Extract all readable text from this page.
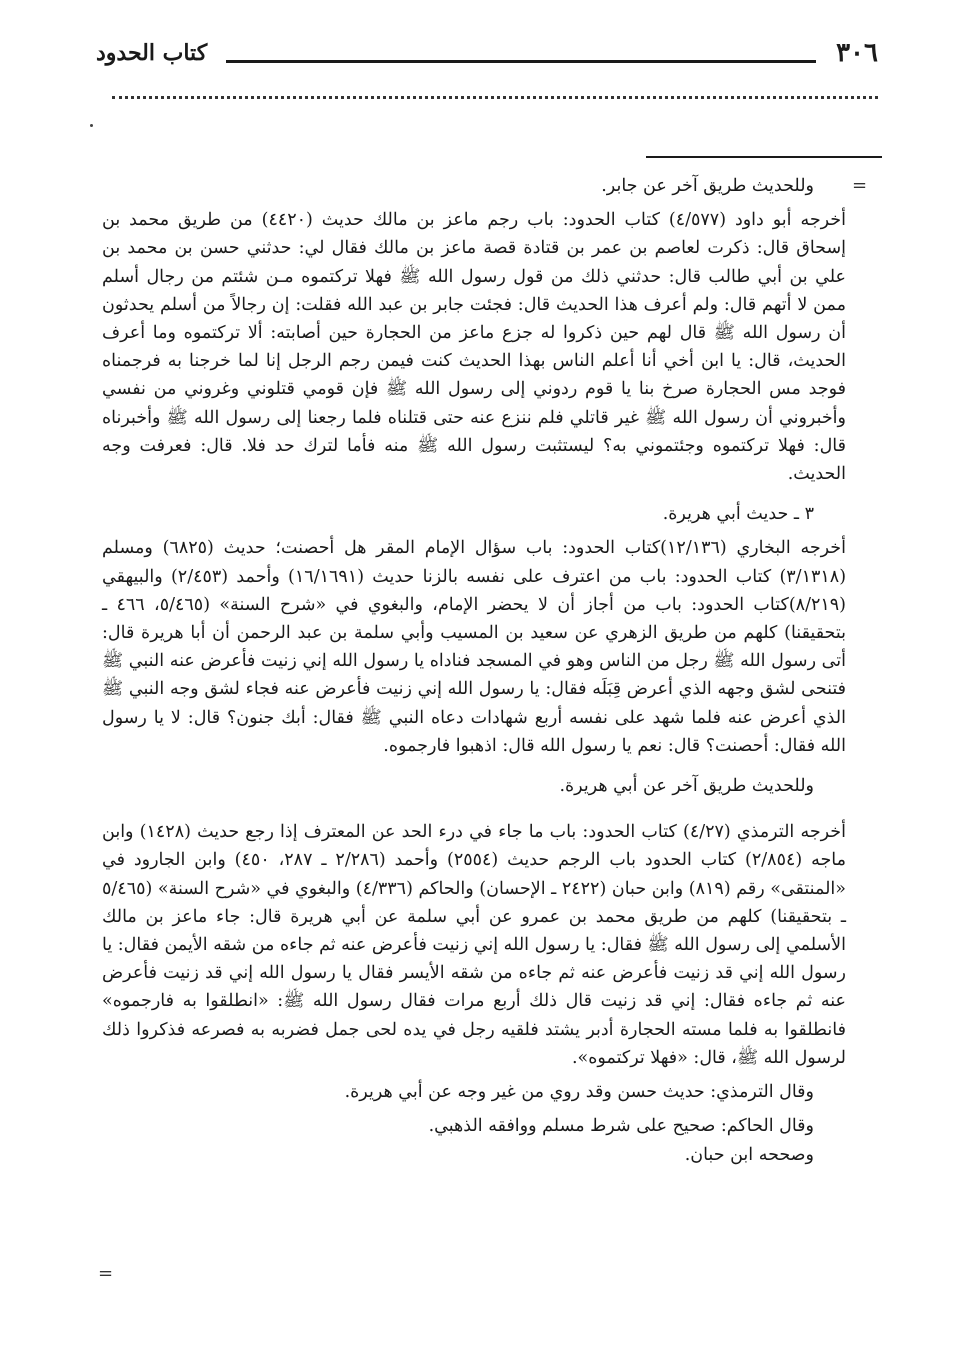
٣٠٦
كتاب الحدود
=
=

وللحديث طريق آخر عن جابر.

أخرجه أبو داود (٤/٥٧٧) كتاب الحدود: باب رجم ماعز بن مالك حديث (٤٤٢٠) من طريق محمد بن إسحاق قال: ذكرت لعاصم بن عمر بن قتادة قصة ماعز بن مالك فقال لي: حدثني حسن بن محمد بن علي بن أبي طالب قال: حدثني ذلك من قول رسول الله ﷺ فهلا تركتموه مـن شئتم من رجال أسلم ممن لا أتهم قال: ولم أعرف هذا الحديث قال: فجئت جابر بن عبد الله فقلت: إن رجالاً من أسلم يحدثون أن رسول الله ﷺ قال لهم حين ذكروا له جزع ماعز من الحجارة حين أصابته: ألا تركتموه وما أعرف الحديث، قال: يا ابن أخي أنا أعلم الناس بهذا الحديث كنت فيمن رجم الرجل إنا لما خرجنا به فرجمناه فوجد مس الحجارة صرخ بنا يا قوم ردوني إلى رسول الله ﷺ فإن قومي قتلوني وغروني من نفسي وأخبروني أن رسول الله ﷺ غير قاتلي فلم ننزع عنه حتى قتلناه فلما رجعنا إلى رسول الله ﷺ وأخبرناه قال: فهلا تركتموه وجئتموني به؟ ليستثبت رسول الله ﷺ منه فأما لترك حد فلا. قال: فعرفت وجه الحديث.

٣ ـ حديث أبي هريرة.

أخرجه البخاري (١٢/١٣٦)كتاب الحدود: باب سؤال الإمام المقر هل أحصنت؛ حديث (٦٨٢٥) ومسلم (٣/١٣١٨) كتاب الحدود: باب من اعترف على نفسه بالزنا حديث (١٦/١٦٩١) وأحمد (٢/٤٥٣) والبيهقي (٨/٢١٩)كتاب الحدود: باب من أجاز أن لا يحضر الإمام، والبغوي في «شرح السنة» (٥/٤٦٥، ٤٦٦ ـ بتحقيقنا) كلهم من طريق الزهري عن سعيد بن المسيب وأبي سلمة بن عبد الرحمن أن أبا هريرة قال: أتى رسول الله ﷺ رجل من الناس وهو في المسجد فناداه يا رسول الله إني زنيت فأعرض عنه النبي ﷺ فتنحى لشق وجهه الذي أعرض قِبَلَه فقال: يا رسول الله إني زنيت فأعرض عنه فجاء لشق وجه النبي ﷺ الذي أعرض عنه فلما شهد على نفسه أربع شهادات دعاه النبي ﷺ فقال: أبك جنون؟ قال: لا يا رسول الله فقال: أحصنت؟ قال: نعم يا رسول الله قال: اذهبوا فارجموه.

وللحديث طريق آخر عن أبي هريرة.

أخرجه الترمذي (٤/٢٧) كتاب الحدود: باب ما جاء في درء الحد عن المعترف إذا رجع حديث (١٤٢٨) وابن ماجه (٢/٨٥٤) كتاب الحدود باب الرجم حديث (٢٥٥٤) وأحمد (٢/٢٨٦ ـ ٢٨٧، ٤٥٠) وابن الجارود في «المنتقى» رقم (٨١٩) وابن حبان (٢٤٢٢ ـ الإحسان) والحاكم (٤/٣٣٦) والبغوي في «شرح السنة» (٥/٤٦٥ ـ بتحقيقنا) كلهم من طريق محمد بن عمرو عن أبي سلمة عن أبي هريرة قال: جاء ماعز بن مالك الأسلمي إلى رسول الله ﷺ فقال: يا رسول الله إني زنيت فأعرض عنه ثم جاءه من شقه الأيمن فقال: يا رسول الله إني قد زنيت فأعرض عنه ثم جاءه من شقه الأيسر فقال يا رسول الله إني قد زنيت فأعرض عنه ثم جاءه فقال: إني قد زنيت قال ذلك أربع مرات فقال رسول الله ﷺ: «انطلقوا به فارجموه» فانطلقوا به فلما مسته الحجارة أدبر يشتد فلقيه رجل في يده لحى جمل فضربه به فصرعه فذكروا ذلك لرسول الله ﷺ، قال: «فهلا تركتموه».

وقال الترمذي: حديث حسن وقد روي من غير وجه عن أبي هريرة.

وقال الحاكم: صحيح على شرط مسلم ووافقه الذهبي.

وصححه ابن حبان.
